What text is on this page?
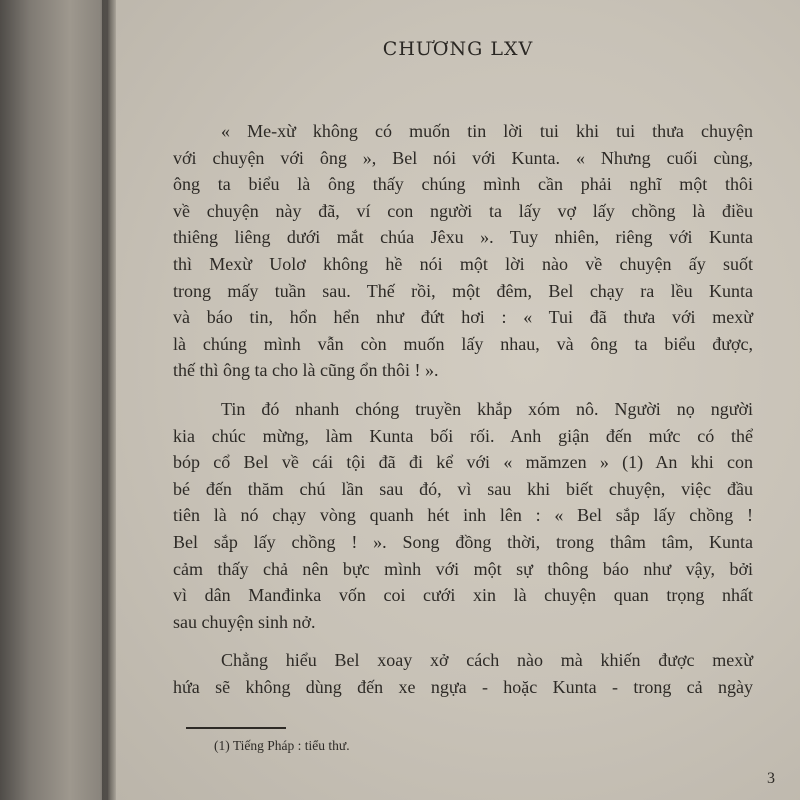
CHƯƠNG LXV
« Me-xừ không có muốn tin lời tui khi tui thưa chuyện
với chuyện với ông », Bel nói với Kunta. « Nhưng cuối cùng,
ông ta biểu là ông thấy chúng mình cần phải nghĩ một thôi
về chuyện này đã, ví con người ta lấy vợ lấy chồng là điều
thiêng liêng dưới mắt chúa Jêxu ». Tuy nhiên, riêng với Kunta
thì Mexừ Uolơ không hề nói một lời nào về chuyện ấy suốt
trong mấy tuần sau. Thế rồi, một đêm, Bel chạy ra lều Kunta
và báo tin, hổn hển như đứt hơi : « Tui đã thưa với mexừ
là chúng mình vẫn còn muốn lấy nhau, và ông ta biểu được,
thế thì ông ta cho là cũng ổn thôi ! ».
Tin đó nhanh chóng truyền khắp xóm nô. Người nọ người
kia chúc mừng, làm Kunta bối rối. Anh giận đến mức có thể
bóp cổ Bel về cái tội đã đi kể với « mămzen » (1) An khi con
bé đến thăm chú lần sau đó, vì sau khi biết chuyện, việc đầu
tiên là nó chạy vòng quanh hét inh lên : « Bel sắp lấy chồng !
Bel sắp lấy chồng ! ». Song đồng thời, trong thâm tâm, Kunta
cảm thấy chả nên bực mình với một sự thông báo như vậy, bởi
vì dân Manđinka vốn coi cưới xin là chuyện quan trọng nhất
sau chuyện sinh nở.
Chẳng hiểu Bel xoay xở cách nào mà khiến được mexừ
hứa sẽ không dùng đến xe ngựa - hoặc Kunta - trong cả ngày
(1) Tiếng Pháp : tiểu thư.
3
